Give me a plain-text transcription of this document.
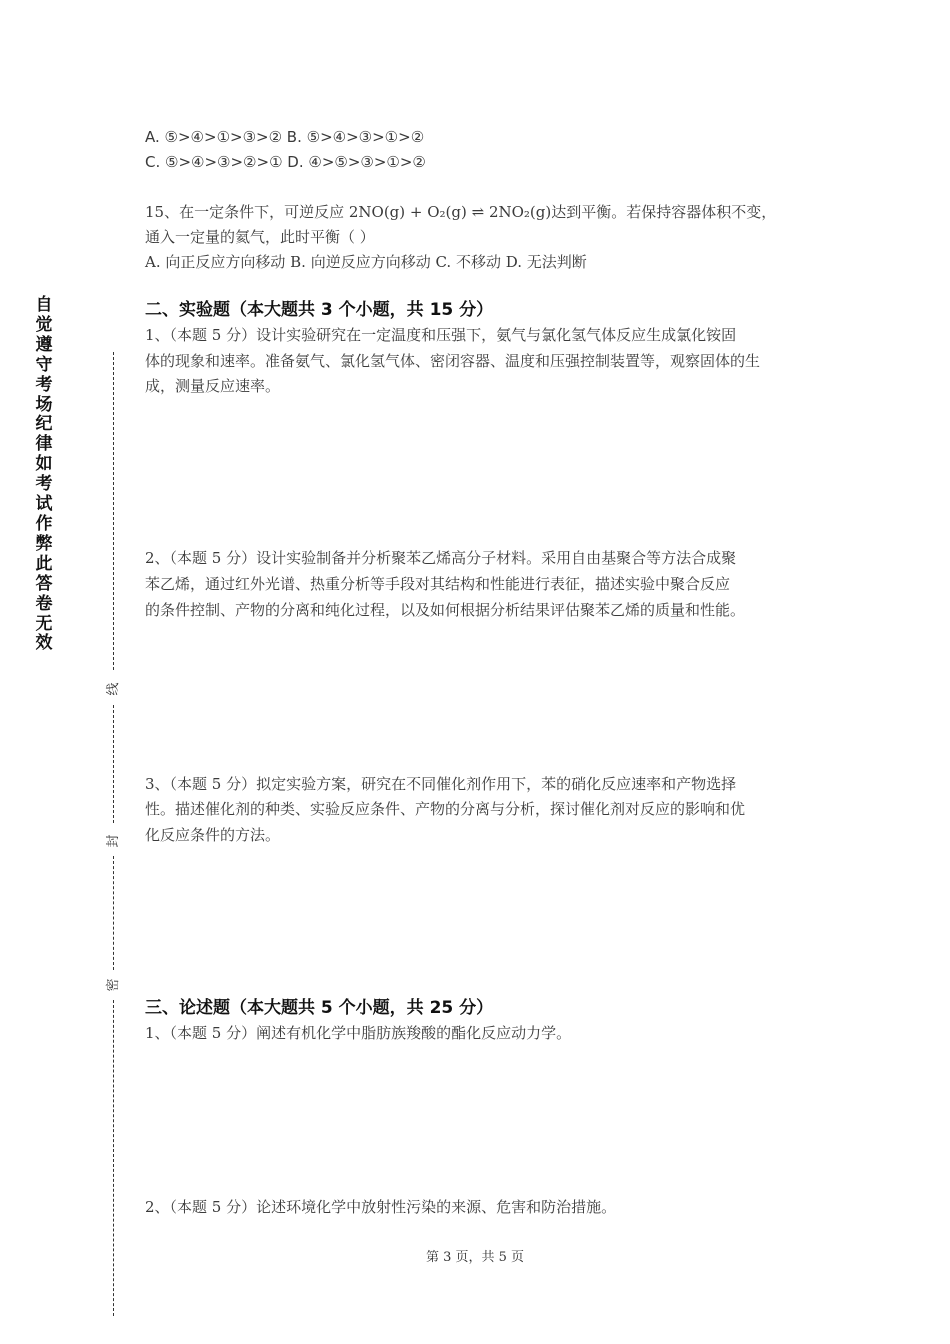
自觉遵守考场纪律如考试作弊此答卷无效
线
封
密
A. ⑤>④>①>③>② B. ⑤>④>③>①>②
C. ⑤>④>③>②>① D. ④>⑤>③>①>②
15、在一定条件下，可逆反应 2NO(g) + O₂(g) ⇌ 2NO₂(g)达到平衡。若保持容器体积不变，
通入一定量的氦气，此时平衡（ ）
A. 向正反应方向移动 B. 向逆反应方向移动 C. 不移动 D. 无法判断
二、实验题（本大题共 3 个小题，共 15 分）
1、（本题 5 分）设计实验研究在一定温度和压强下，氨气与氯化氢气体反应生成氯化铵固
体的现象和速率。准备氨气、氯化氢气体、密闭容器、温度和压强控制装置等，观察固体的生
成，测量反应速率。
2、（本题 5 分）设计实验制备并分析聚苯乙烯高分子材料。采用自由基聚合等方法合成聚
苯乙烯，通过红外光谱、热重分析等手段对其结构和性能进行表征，描述实验中聚合反应
的条件控制、产物的分离和纯化过程，以及如何根据分析结果评估聚苯乙烯的质量和性能。
3、（本题 5 分）拟定实验方案，研究在不同催化剂作用下，苯的硝化反应速率和产物选择
性。描述催化剂的种类、实验反应条件、产物的分离与分析，探讨催化剂对反应的影响和优
化反应条件的方法。
三、论述题（本大题共 5 个小题，共 25 分）
1、（本题 5 分）阐述有机化学中脂肪族羧酸的酯化反应动力学。
2、（本题 5 分）论述环境化学中放射性污染的来源、危害和防治措施。
第 3 页，共 5 页
